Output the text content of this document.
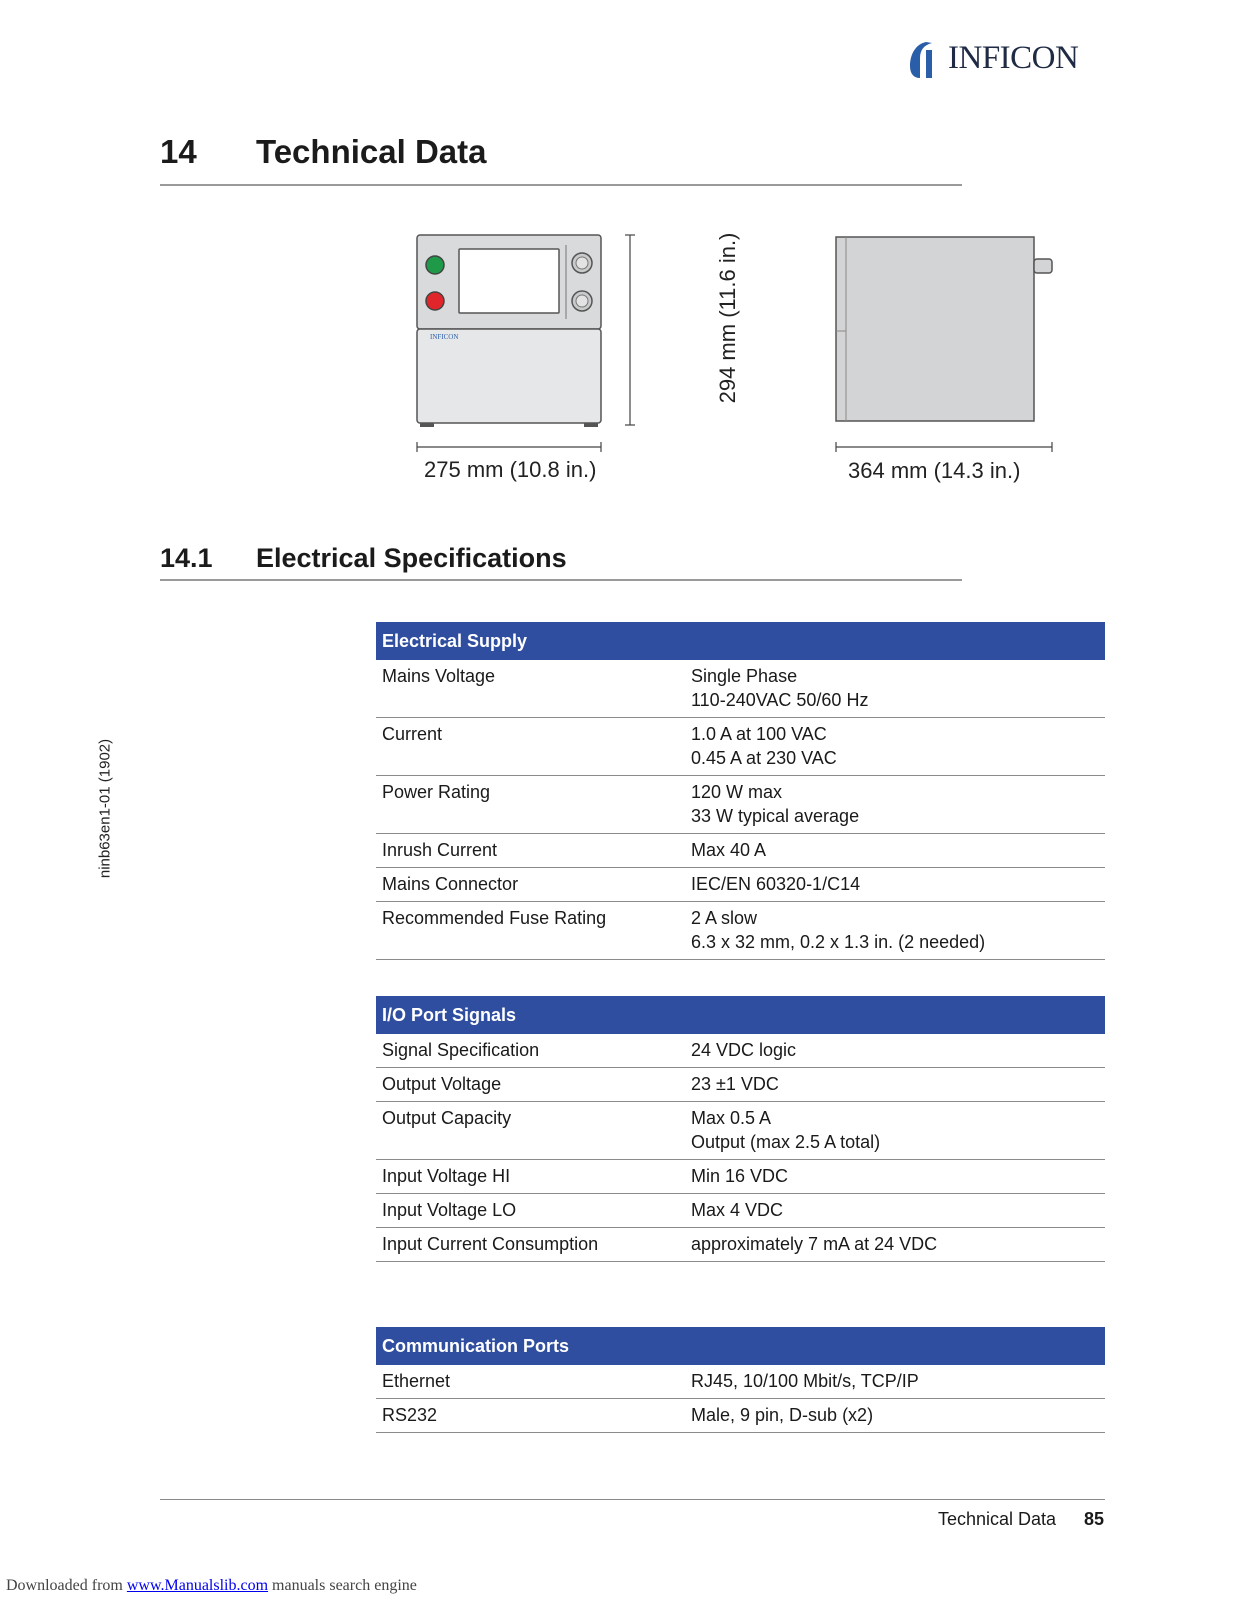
INFICON
14 Technical Data
INFICON
275 mm (10.8 in.)
294 mm (11.6 in.)
364 mm (14.3 in.)
14.1 Electrical Specifications
ninb63en1-01 (1902)
Electrical Supply	
Mains Voltage	Single Phase
110-240VAC 50/60 Hz

Current	1.0 A at 100 VAC
0.45 A at 230 VAC

Power Rating	120 W max
33 W typical average

Inrush Current	Max 40 A
Mains Connector	IEC/EN 60320-1/C14
Recommended Fuse Rating	2 A slow
6.3 x 32 mm, 0.2 x 1.3 in. (2 needed)
I/O Port Signals	
Signal Specification	24 VDC logic
Output Voltage	23 ±1 VDC
Output Capacity	Max 0.5 A
Output (max 2.5 A total)

Input Voltage HI	Min 16 VDC
Input Voltage LO	Max 4 VDC
Input Current Consumption	approximately 7 mA at 24 VDC
Communication Ports	
Ethernet	RJ45, 10/100 Mbit/s, TCP/IP
RS232	Male, 9 pin, D-sub (x2)
Technical Data 85
Downloaded from www.Manualslib.com manuals search engine
